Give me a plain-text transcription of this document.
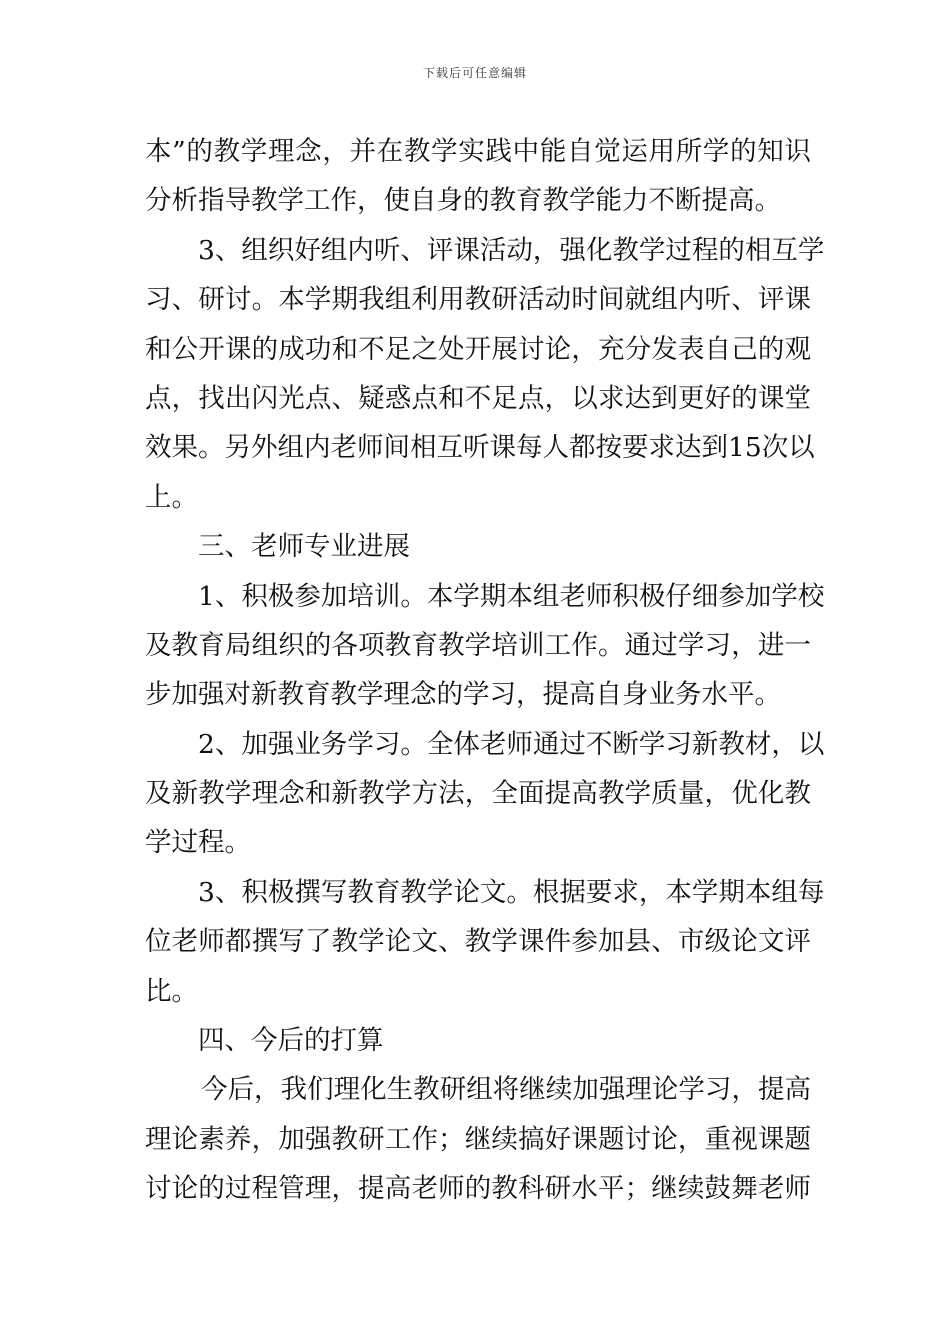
下载后可任意编辑
本”的教学理念，并在教学实践中能自觉运用所学的知识
分析指导教学工作，使自身的教育教学能力不断提高。
3、组织好组内听、评课活动，强化教学过程的相互学
习、研讨。本学期我组利用教研活动时间就组内听、评课
和公开课的成功和不足之处开展讨论，充分发表自己的观
点，找出闪光点、疑惑点和不足点，以求达到更好的课堂
效果。另外组内老师间相互听课每人都按要求达到15次以
上。
三、老师专业进展
1、积极参加培训。本学期本组老师积极仔细参加学校
及教育局组织的各项教育教学培训工作。通过学习，进一
步加强对新教育教学理念的学习，提高自身业务水平。
2、加强业务学习。全体老师通过不断学习新教材，以
及新教学理念和新教学方法，全面提高教学质量，优化教
学过程。
3、积极撰写教育教学论文。根据要求，本学期本组每
位老师都撰写了教学论文、教学课件参加县、市级论文评
比。
四、今后的打算
今后，我们理化生教研组将继续加强理论学习，提高
理论素养，加强教研工作；继续搞好课题讨论，重视课题
讨论的过程管理，提高老师的教科研水平；继续鼓舞老师
